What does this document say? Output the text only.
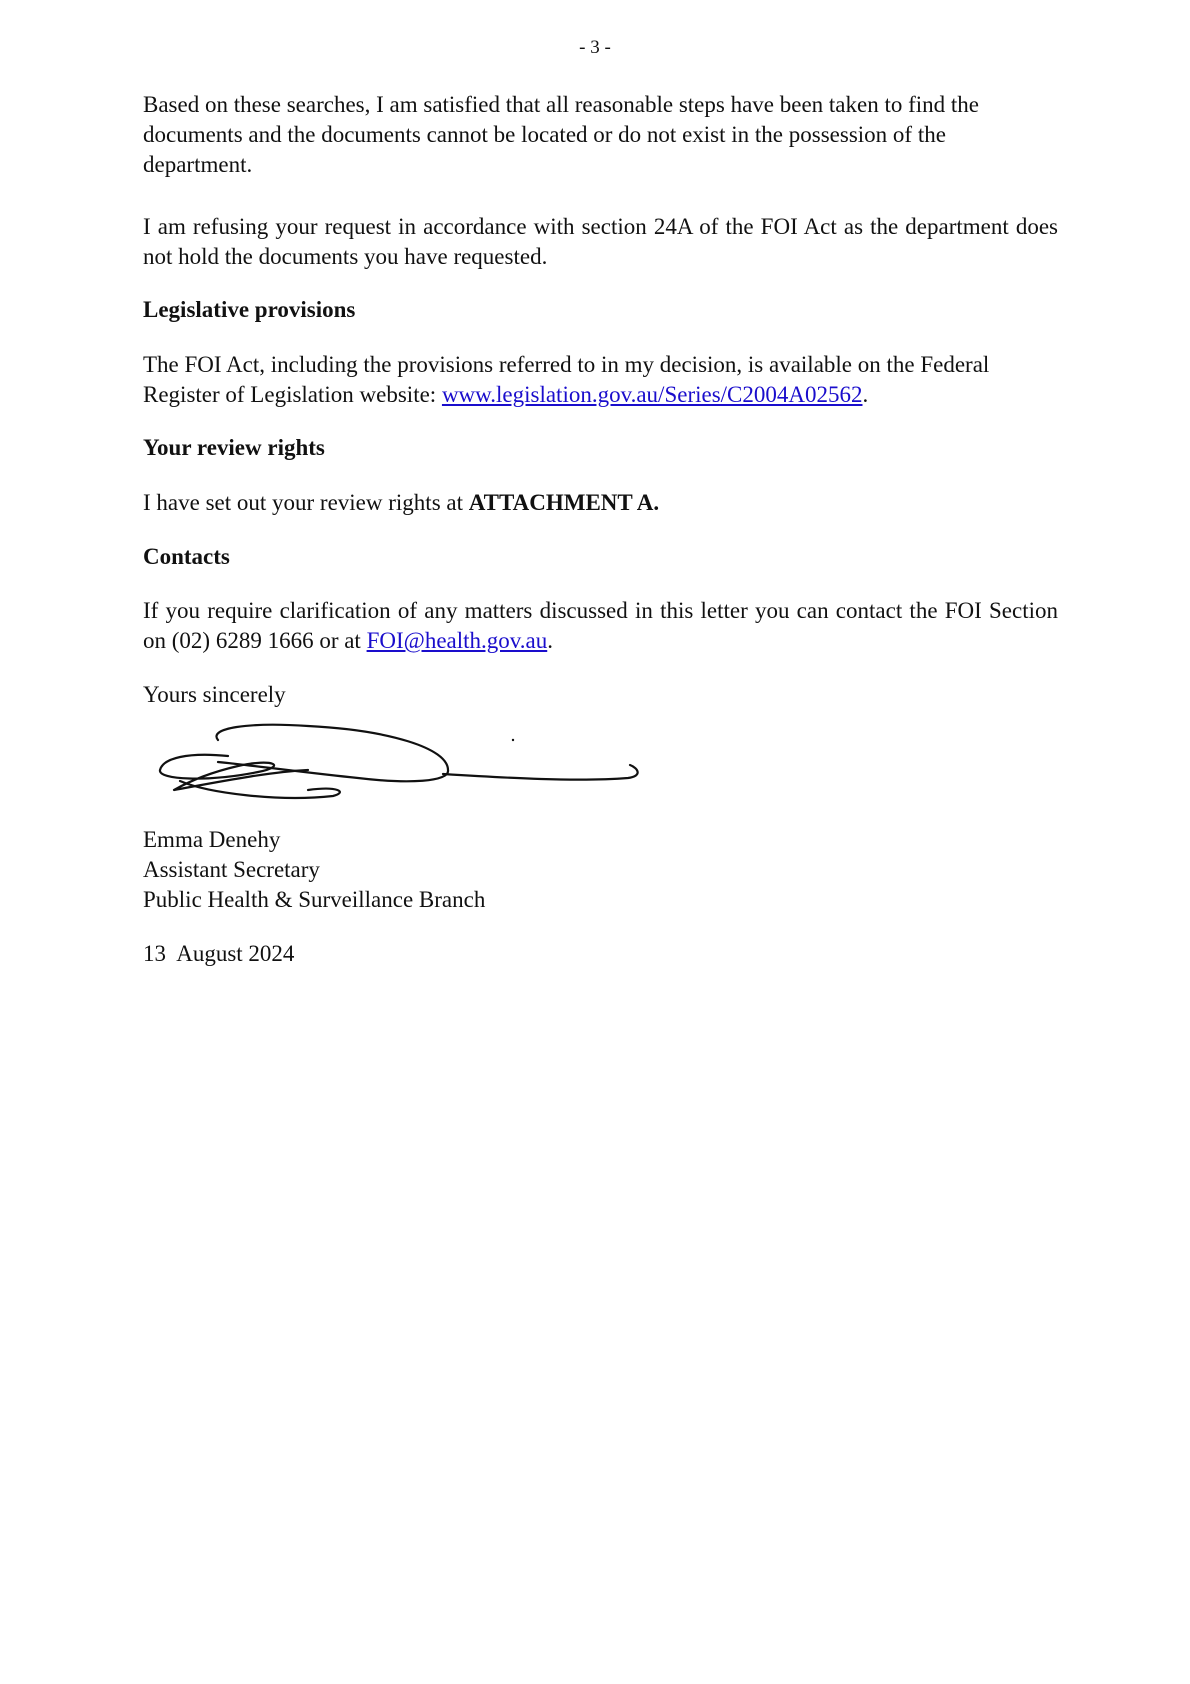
- 3 -

Based on these searches, I am satisfied that all reasonable steps have been taken to find the documents and the documents cannot be located or do not exist in the possession of the department.

I am refusing your request in accordance with section 24A of the FOI Act as the department does not hold the documents you have requested.

Legislative provisions

The FOI Act, including the provisions referred to in my decision, is available on the Federal Register of Legislation website: www.legislation.gov.au/Series/C2004A02562.

Your review rights

I have set out your review rights at ATTACHMENT A.

Contacts

If you require clarification of any matters discussed in this letter you can contact the FOI Section on (02) 6289 1666 or at FOI@health.gov.au.

Yours sincerely

Emma Denehy
Assistant Secretary
Public Health & Surveillance Branch
13  August 2024
